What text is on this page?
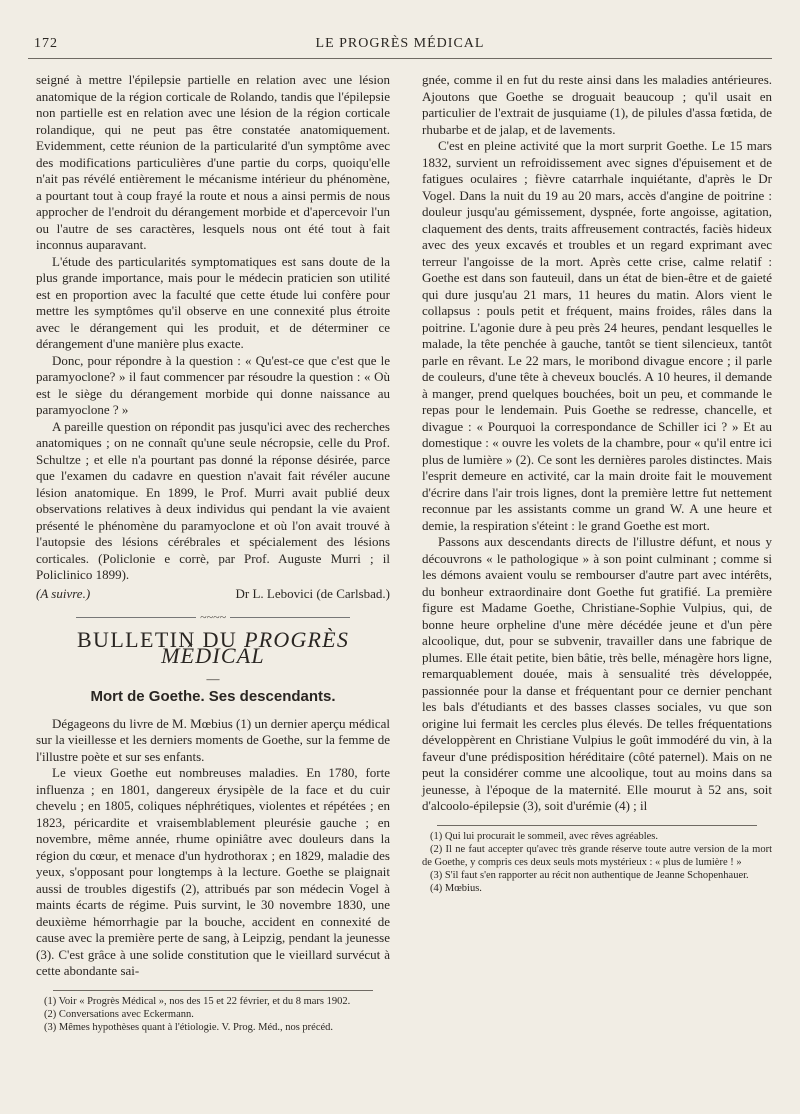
172	LE PROGRÈS MÉDICAL

seigné à mettre l'épilepsie partielle en relation avec une lésion anatomique de la région corticale de Rolando, tandis que l'épilepsie non partielle est en relation avec une lésion de la région corticale rolandique, qui ne peut pas être constatée anatomiquement. Evidemment, cette réunion de la particularité d'un symptôme avec des modifications particulières d'une partie du corps, quoiqu'elle n'ait pas révélé entièrement le mécanisme intérieur du phénomène, a pourtant tout à coup frayé la route et nous a ainsi permis de nous approcher de l'endroit du dérangement morbide et d'apercevoir l'un ou l'autre de ses caractères, lesquels nous ont été tout à fait inconnus auparavant.

L'étude des particularités symptomatiques est sans doute de la plus grande importance, mais pour le médecin praticien son utilité est en proportion avec la faculté que cette étude lui confère pour mettre les symptômes qu'il observe en une connexité plus étroite avec le dérangement qui les produit, et de déterminer ce dérangement d'une manière plus exacte.

Donc, pour répondre à la question : « Qu'est-ce que c'est que le paramyoclone? » il faut commencer par résoudre la question : « Où est le siège du dérangement morbide qui donne naissance au paramyoclone ? »

A pareille question on répondit pas jusqu'ici avec des recherches anatomiques ; on ne connaît qu'une seule nécropsie, celle du Prof. Schultze ; et elle n'a pourtant pas donné la réponse désirée, parce que l'examen du cadavre en question n'avait fait révéler aucune lésion anatomique. En 1899, le Prof. Murri avait publié deux observations relatives à deux individus qui pendant la vie avaient présenté le phénomène du paramyoclone et où l'on avait trouvé à l'autopsie des lésions cérébrales et spécialement des lésions corticales. (Policlonie e corrè, par Prof. Auguste Murri ; il Policlinico 1899).

(A suivre.)	Dr L. Lebovici (de Carlsbad.)
~~~~
BULLETIN DU PROGRÈS MÉDICAL
—
Mort de Goethe. Ses descendants.

Dégageons du livre de M. Mœbius (1) un dernier aperçu médical sur la vieillesse et les derniers moments de Goethe, sur la femme de l'illustre poète et sur ses enfants.

Le vieux Goethe eut nombreuses maladies. En 1780, forte influenza ; en 1801, dangereux érysipèle de la face et du cuir chevelu ; en 1805, coliques néphrétiques, violentes et répétées ; en 1823, péricardite et vraisemblablement pleurésie gauche ; en novembre, même année, rhume opiniâtre avec douleurs dans la région du cœur, et menace d'un hydrothorax ; en 1829, maladie des yeux, s'opposant pour longtemps à la lecture. Goethe se plaignait aussi de troubles digestifs (2), attribués par son médecin Vogel à maints écarts de régime. Puis survint, le 30 novembre 1830, une deuxième hémorrhagie par la bouche, accident en connexité de cause avec la première perte de sang, à Leipzig, pendant la jeunesse (3). C'est grâce à une solide constitution que le vieillard survécut à cette abondante sai-

(1) Voir « Progrès Médical », nos des 15 et 22 février, et du 8 mars 1902.

(2) Conversations avec Eckermann.

(3) Mêmes hypothèses quant à l'étiologie. V. Prog. Méd., nos précéd.

gnée, comme il en fut du reste ainsi dans les maladies antérieures. Ajoutons que Goethe se droguait beaucoup ; qu'il usait en particulier de l'extrait de jusquiame (1), de pilules d'assa fœtida, de rhubarbe et de jalap, et de lavements.

C'est en pleine activité que la mort surprit Goethe. Le 15 mars 1832, survient un refroidissement avec signes d'épuisement et de fatigues oculaires ; fièvre catarrhale inquiétante, d'après le Dr Vogel. Dans la nuit du 19 au 20 mars, accès d'angine de poitrine : douleur jusqu'au gémissement, dyspnée, forte angoisse, agitation, claquement des dents, traits affreusement contractés, faciès hideux avec des yeux excavés et troubles et un regard exprimant avec terreur l'angoisse de la mort. Après cette crise, calme relatif : Goethe est dans son fauteuil, dans un état de bien-être et de gaieté qui dure jusqu'au 21 mars, 11 heures du matin. Alors vient le collapsus : pouls petit et fréquent, mains froides, râles dans la poitrine. L'agonie dure à peu près 24 heures, pendant lesquelles le malade, la tête penchée à gauche, tantôt se tient silencieux, tantôt parle en rêvant. Le 22 mars, le moribond divague encore ; il parle de couleurs, d'une tête à cheveux bouclés. A 10 heures, il demande à manger, prend quelques bouchées, boit un peu, et commande le repas pour le lendemain. Puis Goethe se redresse, chancelle, et divague : « Pourquoi la correspondance de Schiller ici ? » Et au domestique : « ouvre les volets de la chambre, pour « qu'il entre ici plus de lumière » (2). Ce sont les dernières paroles distinctes. Mais l'esprit demeure en activité, car la main droite fait le mouvement d'écrire dans l'air trois lignes, dont la première lettre fut nettement reconnue par les assistants comme un grand W. A une heure et demie, la respiration s'éteint : le grand Goethe est mort.

Passons aux descendants directs de l'illustre défunt, et nous y découvrons « le pathologique » à son point culminant ; comme si les démons avaient voulu se rembourser d'autre part avec intérêts, du bonheur extraordinaire dont Goethe fut gratifié. La première figure est Madame Goethe, Christiane-Sophie Vulpius, qui, de bonne heure orpheline d'une mère décédée jeune et d'un père alcoolique, dut, pour se subvenir, travailler dans une fabrique de plumes. Elle était petite, bien bâtie, très belle, ménagère hors ligne, remarquablement douée, mais à sensualité très développée, passionnée pour la danse et fréquentant pour ce dernier penchant les bals d'étudiants et des basses classes sociales, vu que son origine lui fermait les cercles plus élevés. De telles fréquentations développèrent en Christiane Vulpius le goût immodéré du vin, à la faveur d'une prédisposition héréditaire (côté paternel). Mais on ne peut la considérer comme une alcoolique, tout au moins dans sa jeunesse, à l'époque de la maternité. Elle mourut à 52 ans, soit d'alcoolo-épilepsie (3), soit d'urémie (4) ; il

(1) Qui lui procurait le sommeil, avec rêves agréables.

(2) Il ne faut accepter qu'avec très grande réserve toute autre version de la mort de Goethe, y compris ces deux seuls mots mystérieux : « plus de lumière ! »

(3) S'il faut s'en rapporter au récit non authentique de Jeanne Schopenhauer.

(4) Mœbius.
